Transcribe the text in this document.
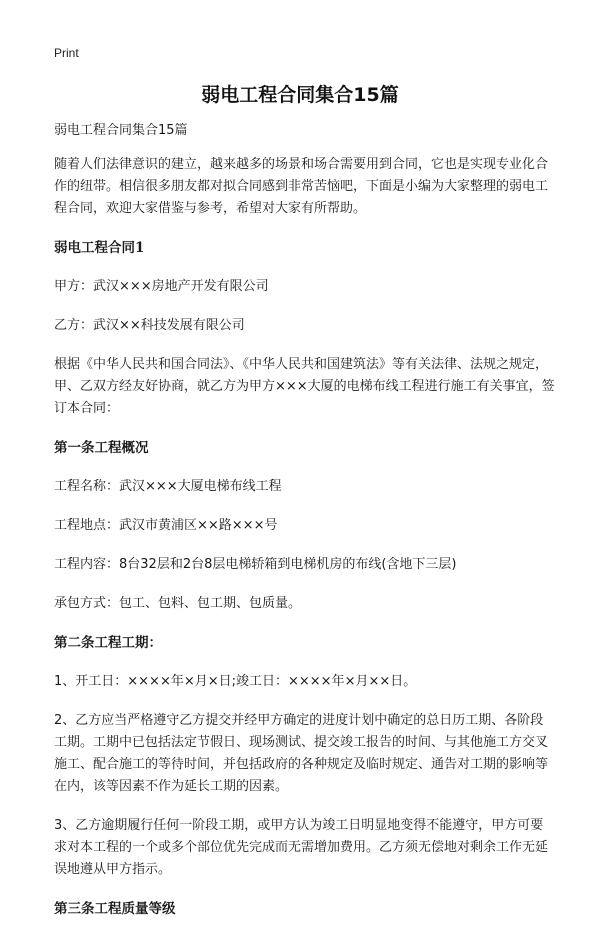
Print
弱电工程合同集合15篇

弱电工程合同集合15篇

随着人们法律意识的建立，越来越多的场景和场合需要用到合同，它也是实现专业化合作的纽带。相信很多朋友都对拟合同感到非常苦恼吧，下面是小编为大家整理的弱电工程合同，欢迎大家借鉴与参考，希望对大家有所帮助。

弱电工程合同1

甲方：武汉×××房地产开发有限公司

乙方：武汉××科技发展有限公司

根据《中华人民共和国合同法》、《中华人民共和国建筑法》等有关法律、法规之规定，甲、乙双方经友好协商，就乙方为甲方×××大厦的电梯布线工程进行施工有关事宜，签订本合同：

第一条工程概况

工程名称：武汉×××大厦电梯布线工程

工程地点：武汉市黄浦区××路×××号

工程内容：8台32层和2台8层电梯轿箱到电梯机房的布线(含地下三层)

承包方式：包工、包料、包工期、包质量。

第二条工程工期：

1、开工日：××××年×月×日;竣工日：××××年×月××日。

2、乙方应当严格遵守乙方提交并经甲方确定的进度计划中确定的总日历工期、各阶段工期。工期中已包括法定节假日、现场测试、提交竣工报告的时间、与其他施工方交叉施工、配合施工的等待时间，并包括政府的各种规定及临时规定、通告对工期的影响等在内，该等因素不作为延长工期的因素。

3、乙方逾期履行任何一阶段工期，或甲方认为竣工日明显地变得不能遵守，甲方可要求对本工程的一个或多个部位优先完成而无需增加费用。乙方须无偿地对剩余工作无延误地遵从甲方指示。

第三条工程质量等级
